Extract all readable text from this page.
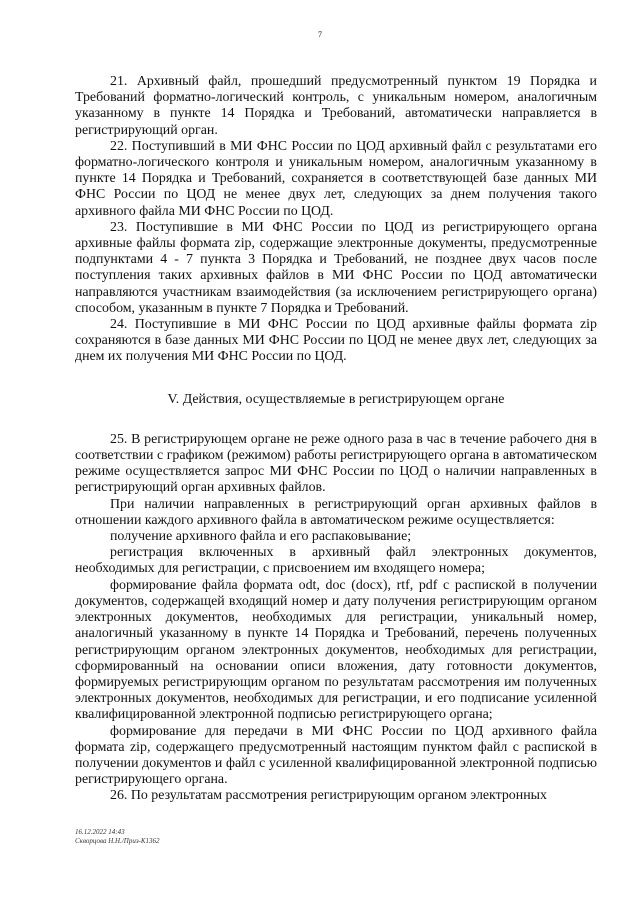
7

21. Архивный файл, прошедший предусмотренный пунктом 19 Порядка и Требований форматно-логический контроль, с уникальным номером, аналогичным указанному в пункте 14 Порядка и Требований, автоматически направляется в регистрирующий орган.

22. Поступивший в МИ ФНС России по ЦОД архивный файл с результатами его форматно-логического контроля и уникальным номером, аналогичным указанному в пункте 14 Порядка и Требований, сохраняется в соответствующей базе данных МИ ФНС России по ЦОД не менее двух лет, следующих за днем получения такого архивного файла МИ ФНС России по ЦОД.

23. Поступившие в МИ ФНС России по ЦОД из регистрирующего органа архивные файлы формата zip, содержащие электронные документы, предусмотренные подпунктами 4 - 7 пункта 3 Порядка и Требований, не позднее двух часов после поступления таких архивных файлов в МИ ФНС России по ЦОД автоматически направляются участникам взаимодействия (за исключением регистрирующего органа) способом, указанным в пункте 7 Порядка и Требований.

24. Поступившие в МИ ФНС России по ЦОД архивные файлы формата zip сохраняются в базе данных МИ ФНС России по ЦОД не менее двух лет, следующих за днем их получения МИ ФНС России по ЦОД.

V. Действия, осуществляемые в регистрирующем органе

25. В регистрирующем органе не реже одного раза в час в течение рабочего дня в соответствии с графиком (режимом) работы регистрирующего органа в автоматическом режиме осуществляется запрос МИ ФНС России по ЦОД о наличии направленных в регистрирующий орган архивных файлов.

При наличии направленных в регистрирующий орган архивных файлов в отношении каждого архивного файла в автоматическом режиме осуществляется:

получение архивного файла и его распаковывание;

регистрация включенных в архивный файл электронных документов, необходимых для регистрации, с присвоением им входящего номера;

формирование файла формата odt, doc (docx), rtf, pdf с распиской в получении документов, содержащей входящий номер и дату получения регистрирующим органом электронных документов, необходимых для регистрации, уникальный номер, аналогичный указанному в пункте 14 Порядка и Требований, перечень полученных регистрирующим органом электронных документов, необходимых для регистрации, сформированный на основании описи вложения, дату готовности документов, формируемых регистрирующим органом по результатам рассмотрения им полученных электронных документов, необходимых для регистрации, и его подписание усиленной квалифицированной электронной подписью регистрирующего органа;

формирование для передачи в МИ ФНС России по ЦОД архивного файла формата zip, содержащего предусмотренный настоящим пунктом файл с распиской в получении документов и файл с усиленной квалифицированной электронной подписью регистрирующего органа.

26. По результатам рассмотрения регистрирующим органом электронных

16.12.2022 14:43
Скворцова Н.Н./Приз-К1362
